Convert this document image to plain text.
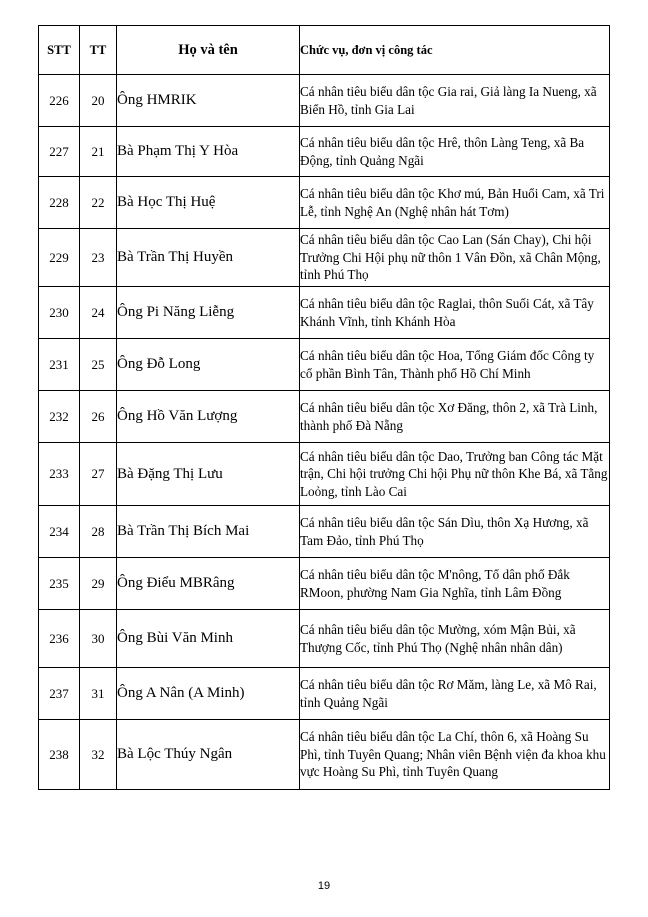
STT	TT	Họ và tên	Chức vụ, đơn vị công tác
226	20	Ông HMRIK	Cá nhân tiêu biểu dân tộc Gia rai, Giả làng Ia Nueng, xã Biển Hồ, tỉnh Gia Lai
227	21	Bà Phạm Thị Y Hòa	Cá nhân tiêu biểu dân tộc Hrê, thôn Làng Teng, xã Ba Động, tỉnh Quảng Ngãi
228	22	Bà Học Thị Huệ	Cá nhân tiêu biểu dân tộc Khơ mú, Bản Huổi Cam, xã Tri Lễ, tỉnh Nghệ An (Nghệ nhân hát Tơm)
229	23	Bà Trần Thị Huyền	Cá nhân tiêu biểu dân tộc Cao Lan (Sán Chay), Chi hội Trưởng Chi Hội phụ nữ thôn 1 Vân Đồn, xã Chân Mộng, tỉnh Phú Thọ
230	24	Ông Pi Năng Liễng	Cá nhân tiêu biểu dân tộc Raglai, thôn Suối Cát, xã Tây Khánh Vĩnh, tỉnh Khánh Hòa
231	25	Ông Đỗ Long	Cá nhân tiêu biểu dân tộc Hoa, Tổng Giám đốc Công ty cổ phần Bình Tân, Thành phố Hồ Chí Minh
232	26	Ông Hồ Văn Lượng	Cá nhân tiêu biểu dân tộc Xơ Đăng, thôn 2, xã Trà Linh, thành phố Đà Nẵng
233	27	Bà Đặng Thị Lưu	Cá nhân tiêu biểu dân tộc Dao, Trưởng ban Công tác Mặt trận, Chi hội trưởng Chi hội Phụ nữ thôn Khe Bá, xã Tằng Loỏng, tỉnh Lào Cai
234	28	Bà Trần Thị Bích Mai	Cá nhân tiêu biểu dân tộc Sán Dìu, thôn Xạ Hương, xã Tam Đảo, tỉnh Phú Thọ
235	29	Ông Điểu MBRâng	Cá nhân tiêu biểu dân tộc M'nông, Tổ dân phố Đắk RMoon, phường Nam Gia Nghĩa, tỉnh Lâm Đồng
236	30	Ông Bùi Văn Minh	Cá nhân tiêu biểu dân tộc Mường, xóm Mận Bủi, xã Thượng Cốc, tỉnh Phú Thọ (Nghệ nhân nhân dân)
237	31	Ông A Nân (A Minh)	Cá nhân tiêu biểu dân tộc Rơ Măm, làng Le, xã Mô Rai, tỉnh Quảng Ngãi
238	32	Bà Lộc Thúy Ngân	Cá nhân tiêu biểu dân tộc La Chí, thôn 6, xã Hoàng Su Phì, tỉnh Tuyên Quang; Nhân viên Bệnh viện đa khoa khu vực Hoàng Su Phì, tỉnh Tuyên Quang
19
